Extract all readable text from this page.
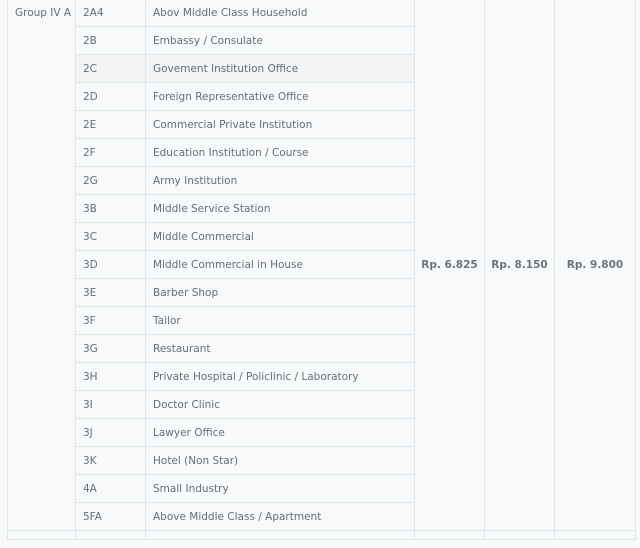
Group IV A	2A4	Abov Middle Class Household	Rp. 6.825	Rp. 8.150	Rp. 9.800
	2B	Embassy / Consulate			
	2C	Govement Institution Office			
	2D	Foreign Representative Office			
	2E	Commercial Private Institution			
	2F	Education Institution / Course			
	2G	Army Institution			
	3B	Middle Service Station			
	3C	Middle Commercial			
	3D	Middle Commercial in House			
	3E	Barber Shop			
	3F	Tailor			
	3G	Restaurant			
	3H	Private Hospital / Policlinic / Laboratory			
	3I	Doctor Clinic			
	3J	Lawyer Office			
	3K	Hotel (Non Star)			
	4A	Small Industry			
	5FA	Above Middle Class / Apartment			
